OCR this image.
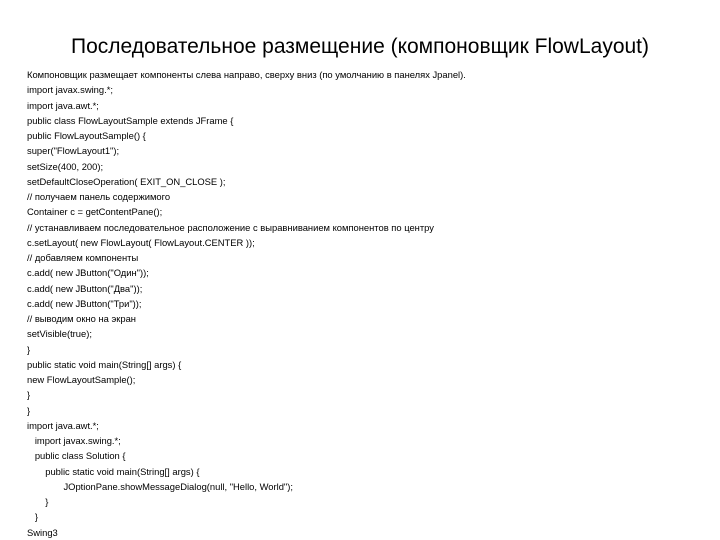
Последовательное размещение (компоновщик FlowLayout)
Компоновщик размещает компоненты слева направо, сверху вниз (по умолчанию в панелях Jpanel).
import javax.swing.*;
import java.awt.*;
public class FlowLayoutSample extends JFrame {
public FlowLayoutSample() {
super("FlowLayout1");
setSize(400, 200);
setDefaultCloseOperation( EXIT_ON_CLOSE );
// получаем панель содержимого
Container c = getContentPane();
// устанавливаем последовательное расположение с выравниванием компонентов по центру
c.setLayout( new FlowLayout( FlowLayout.CENTER ));
// добавляем компоненты
c.add( new JButton("Один"));
c.add( new JButton("Два"));
c.add( new JButton("Три"));
// выводим окно на экран
setVisible(true);
}
public static void main(String[] args) {
new FlowLayoutSample();
}
}
import java.awt.*;
import javax.swing.*;
public class Solution {
public static void main(String[] args) {
JOptionPane.showMessageDialog(null, "Hello, World");
}
}
Swing3
